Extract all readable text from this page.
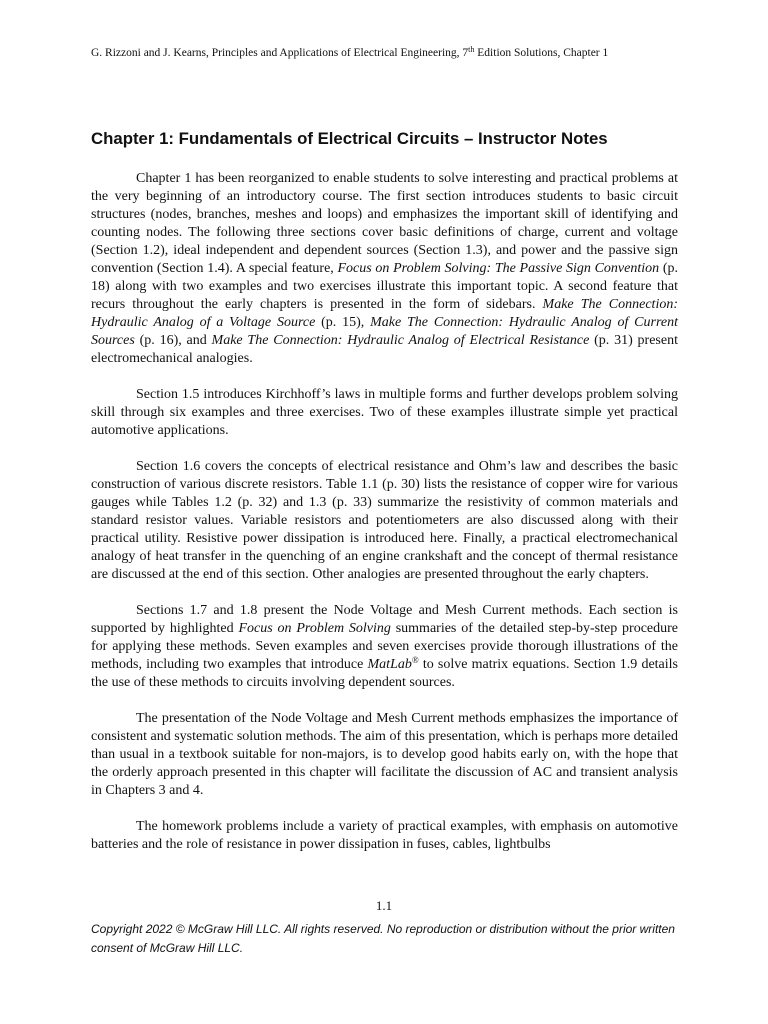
G. Rizzoni and J. Kearns, Principles and Applications of Electrical Engineering, 7th Edition Solutions, Chapter 1
Chapter 1: Fundamentals of Electrical Circuits – Instructor Notes

Chapter 1 has been reorganized to enable students to solve interesting and practical problems at the very beginning of an introductory course. The first section introduces students to basic circuit structures (nodes, branches, meshes and loops) and emphasizes the important skill of identifying and counting nodes. The following three sections cover basic definitions of charge, current and voltage (Section 1.2), ideal independent and dependent sources (Section 1.3), and power and the passive sign convention (Section 1.4). A special feature, Focus on Problem Solving: The Passive Sign Convention (p. 18) along with two examples and two exercises illustrate this important topic. A second feature that recurs throughout the early chapters is presented in the form of sidebars. Make The Connection: Hydraulic Analog of a Voltage Source (p. 15), Make The Connection: Hydraulic Analog of Current Sources (p. 16), and Make The Connection: Hydraulic Analog of Electrical Resistance (p. 31) present electromechanical analogies.

Section 1.5 introduces Kirchhoff’s laws in multiple forms and further develops problem solving skill through six examples and three exercises. Two of these examples illustrate simple yet practical automotive applications.

Section 1.6 covers the concepts of electrical resistance and Ohm’s law and describes the basic construction of various discrete resistors. Table 1.1 (p. 30) lists the resistance of copper wire for various gauges while Tables 1.2 (p. 32) and 1.3 (p. 33) summarize the resistivity of common materials and standard resistor values. Variable resistors and potentiometers are also discussed along with their practical utility. Resistive power dissipation is introduced here. Finally, a practical electromechanical analogy of heat transfer in the quenching of an engine crankshaft and the concept of thermal resistance are discussed at the end of this section. Other analogies are presented throughout the early chapters.

Sections 1.7 and 1.8 present the Node Voltage and Mesh Current methods. Each section is supported by highlighted Focus on Problem Solving summaries of the detailed step-by-step procedure for applying these methods. Seven examples and seven exercises provide thorough illustrations of the methods, including two examples that introduce MatLab® to solve matrix equations. Section 1.9 details the use of these methods to circuits involving dependent sources.

The presentation of the Node Voltage and Mesh Current methods emphasizes the importance of consistent and systematic solution methods. The aim of this presentation, which is perhaps more detailed than usual in a textbook suitable for non-majors, is to develop good habits early on, with the hope that the orderly approach presented in this chapter will facilitate the discussion of AC and transient analysis in Chapters 3 and 4.

The homework problems include a variety of practical examples, with emphasis on automotive batteries and the role of resistance in power dissipation in fuses, cables, lightbulbs

1.1
Copyright 2022 © McGraw Hill LLC. All rights reserved. No reproduction or distribution without the prior written consent of McGraw Hill LLC.
